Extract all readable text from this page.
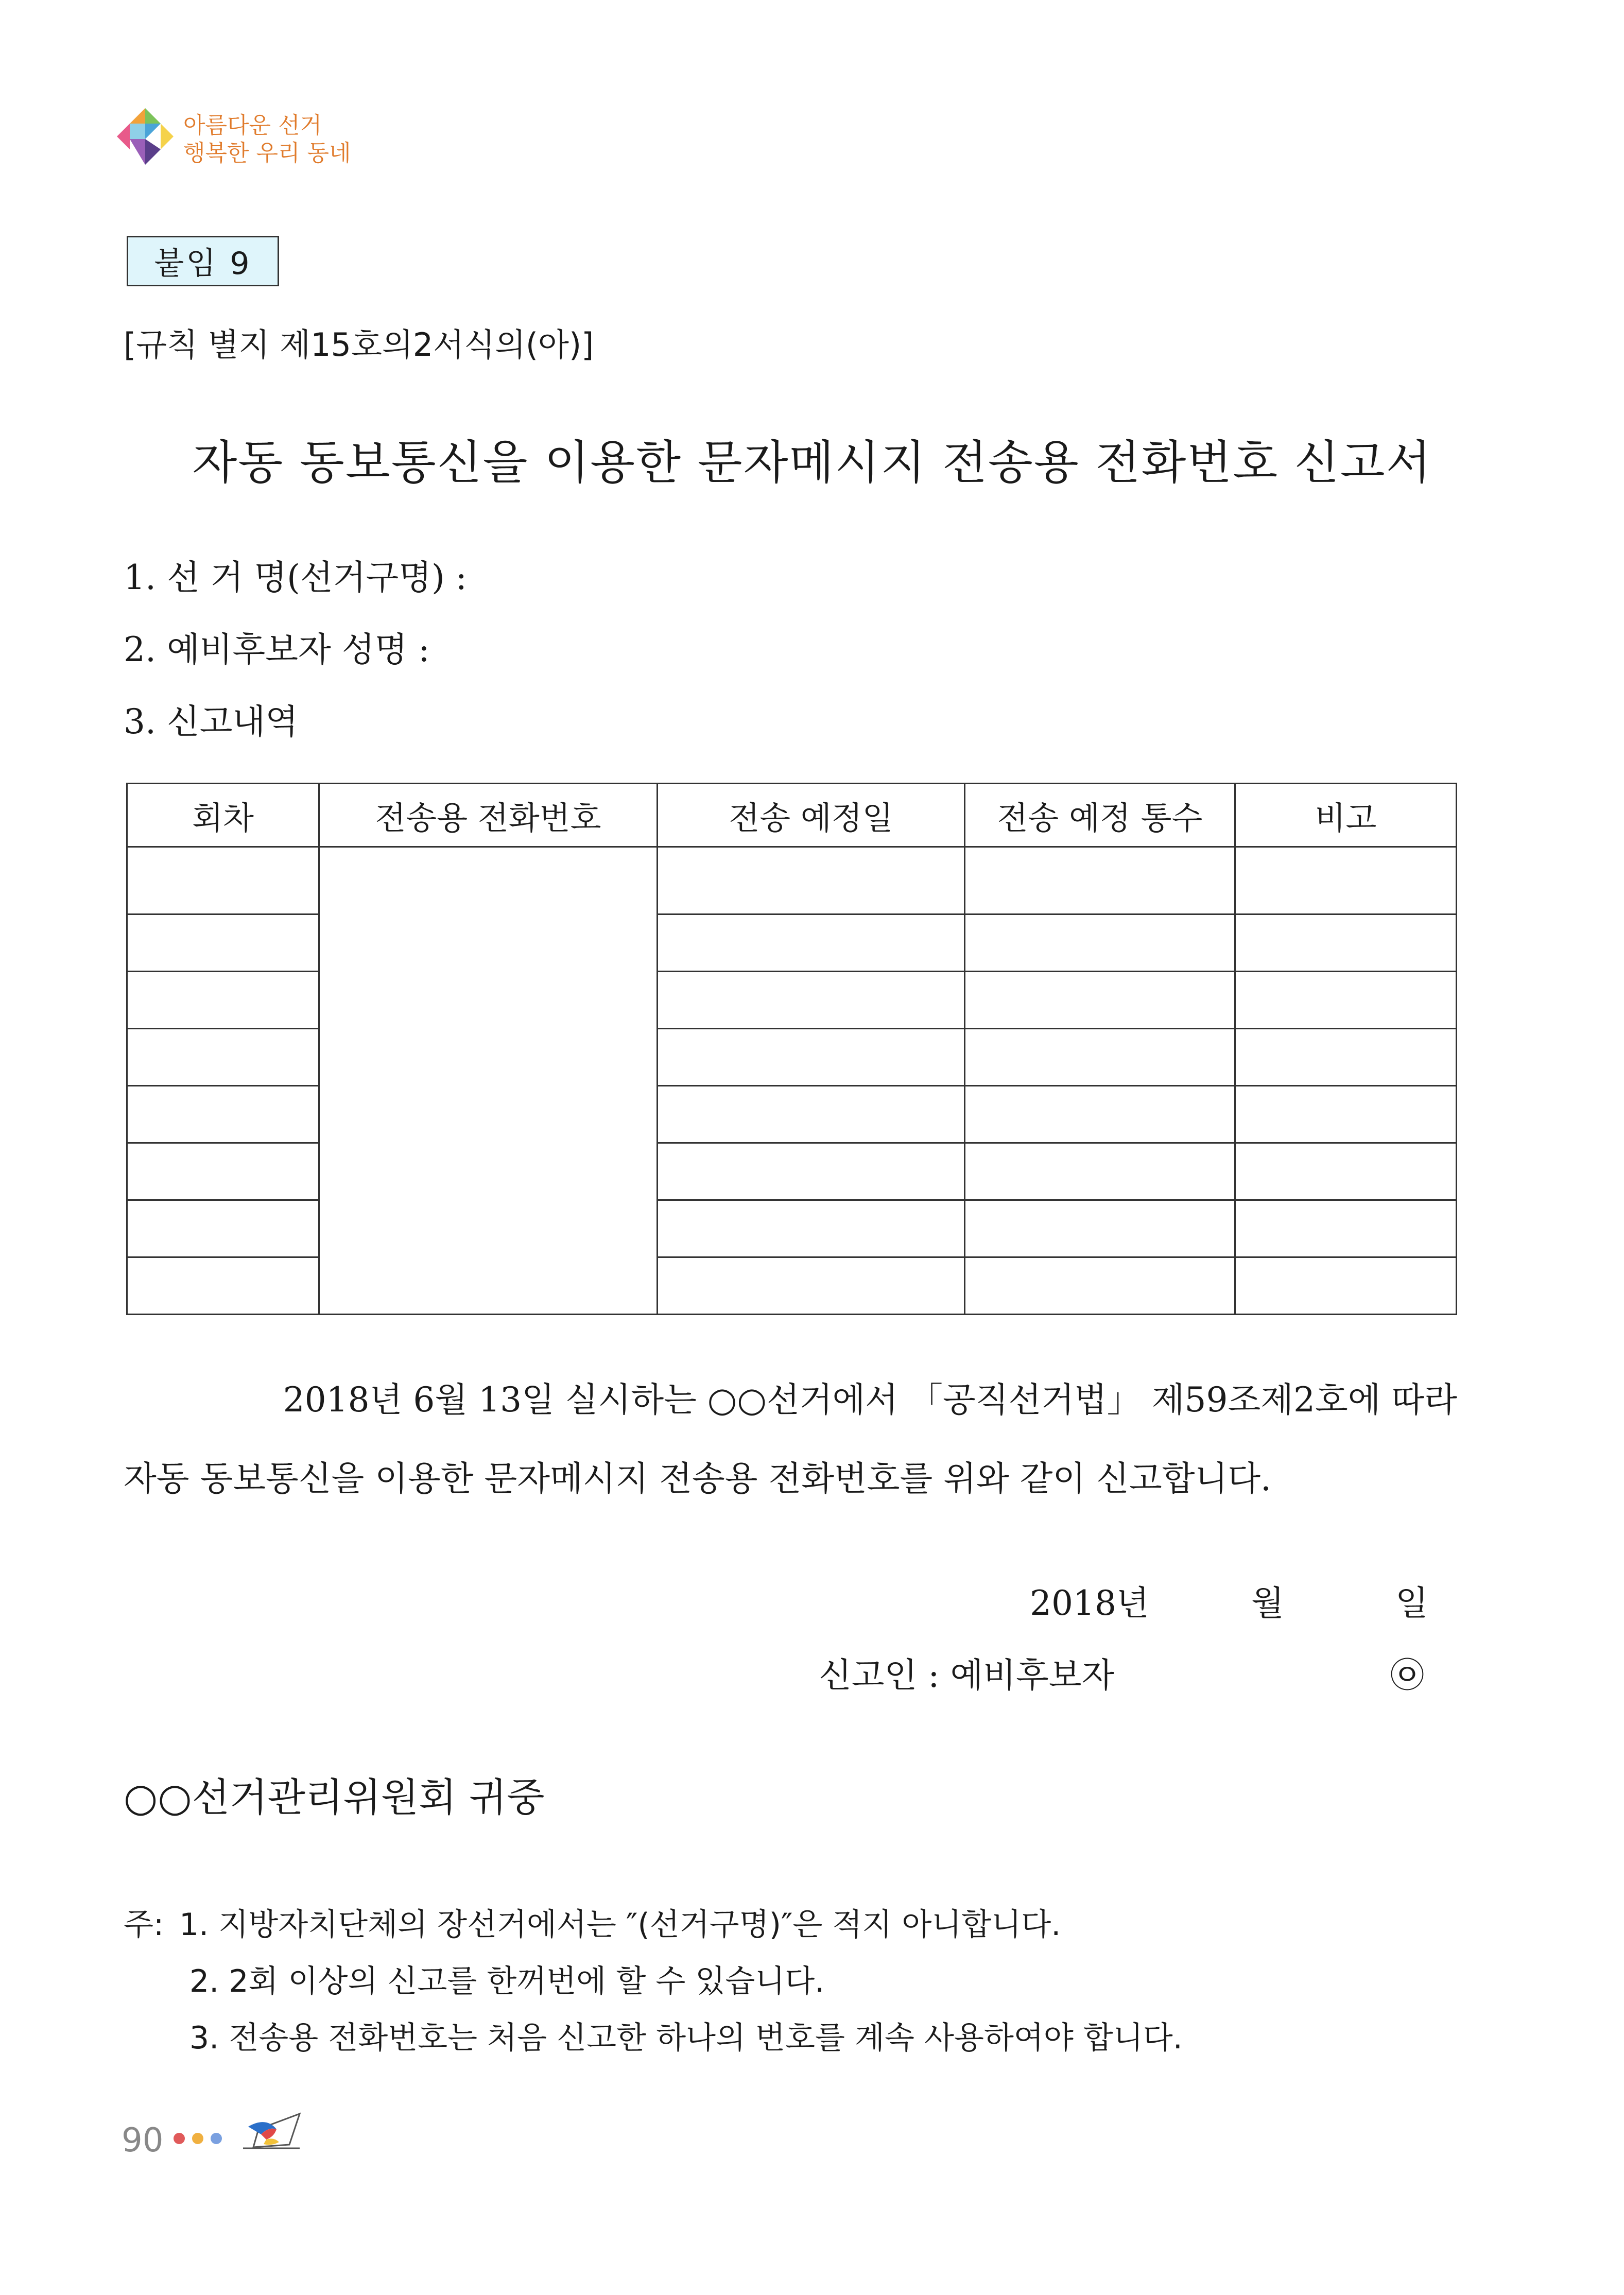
아름다운 선거
행복한 우리 동네
붙임 9
[규칙 별지 제15호의2서식의(아)]
자동 동보통신을 이용한 문자메시지 전송용 전화번호 신고서
1. 선 거 명(선거구명) :
2. 예비후보자 성명 :
3. 신고내역
회차	전송용 전화번호	전송 예정일	전송 예정 통수	비고

2018년 6월 13일 실시하는 ○○선거에서 「공직선거법」 제59조제2호에 따라
자동 동보통신을 이용한 문자메시지 전송용 전화번호를 위와 같이 신고합니다.
2018년	월	일
신고인 : 예비후보자	㉧
○○선거관리위원회 귀중
주: 1. 지방자치단체의 장선거에서는 ″(선거구명)″은 적지 아니합니다.
2. 2회 이상의 신고를 한꺼번에 할 수 있습니다.
3. 전송용 전화번호는 처음 신고한 하나의 번호를 계속 사용하여야 합니다.
90
